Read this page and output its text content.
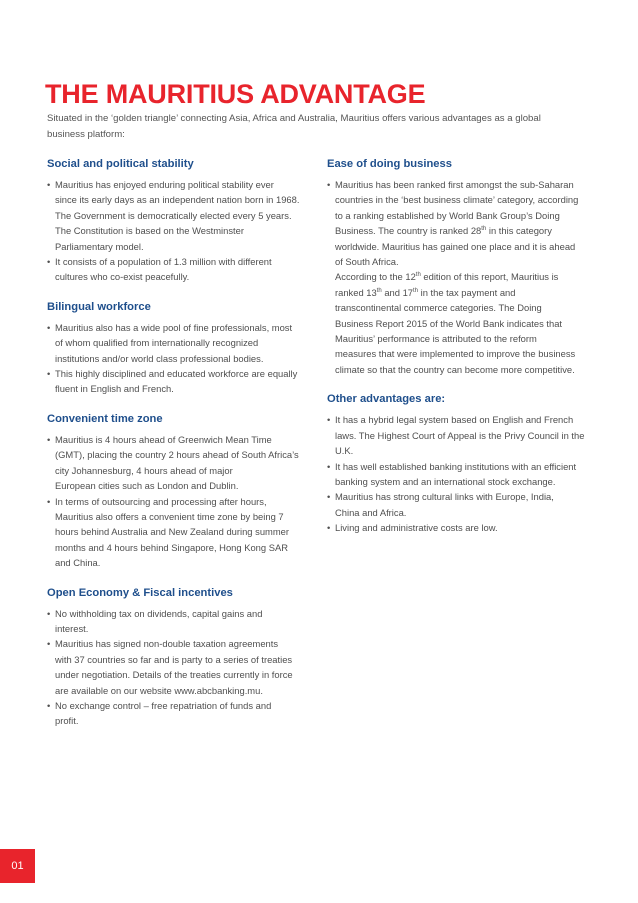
THE MAURITIUS ADVANTAGE
Situated in the ‘golden triangle’ connecting Asia, Africa and Australia, Mauritius offers various advantages as a global
business platform:
Social and political stability
• Mauritius has enjoyed enduring political stability ever
since its early days as an independent nation born in 1968.
The Government is democratically elected every 5 years.
The Constitution is based on the Westminster
Parliamentary model.
• It consists of a population of 1.3 million with different
cultures who co-exist peacefully.
Bilingual workforce
• Mauritius also has a wide pool of fine professionals, most
of whom qualified from internationally recognized
institutions and/or world class professional bodies.
• This highly disciplined and educated workforce are equally
fluent in English and French.
Convenient time zone
• Mauritius is 4 hours ahead of Greenwich Mean Time
(GMT), placing the country 2 hours ahead of South Africa’s
city Johannesburg, 4 hours ahead of major
European cities such as London and Dublin.
• In terms of outsourcing and processing after hours,
Mauritius also offers a convenient time zone by being 7
hours behind Australia and New Zealand during summer
months and 4 hours behind Singapore, Hong Kong SAR
and China.
Open Economy & Fiscal incentives
• No withholding tax on dividends, capital gains and
interest.
• Mauritius has signed non-double taxation agreements
with 37 countries so far and is party to a series of treaties
under negotiation. Details of the treaties currently in force
are available on our website www.abcbanking.mu.
• No exchange control – free repatriation of funds and
profit.
Ease of doing business
• Mauritius has been ranked first amongst the sub-Saharan
countries in the ‘best business climate’ category, according
to a ranking established by World Bank Group’s Doing
Business. The country is ranked 28th in this category
worldwide. Mauritius has gained one place and it is ahead
of South Africa.
According to the 12th edition of this report, Mauritius is
ranked 13th and 17th in the tax payment and
transcontinental commerce categories. The Doing
Business Report 2015 of the World Bank indicates that
Mauritius’ performance is attributed to the reform
measures that were implemented to improve the business
climate so that the country can become more competitive.
Other advantages are:
• It has a hybrid legal system based on English and French
laws. The Highest Court of Appeal is the Privy Council in the
U.K.
• It has well established banking institutions with an efficient
banking system and an international stock exchange.
• Mauritius has strong cultural links with Europe, India,
China and Africa.
• Living and administrative costs are low.
01
